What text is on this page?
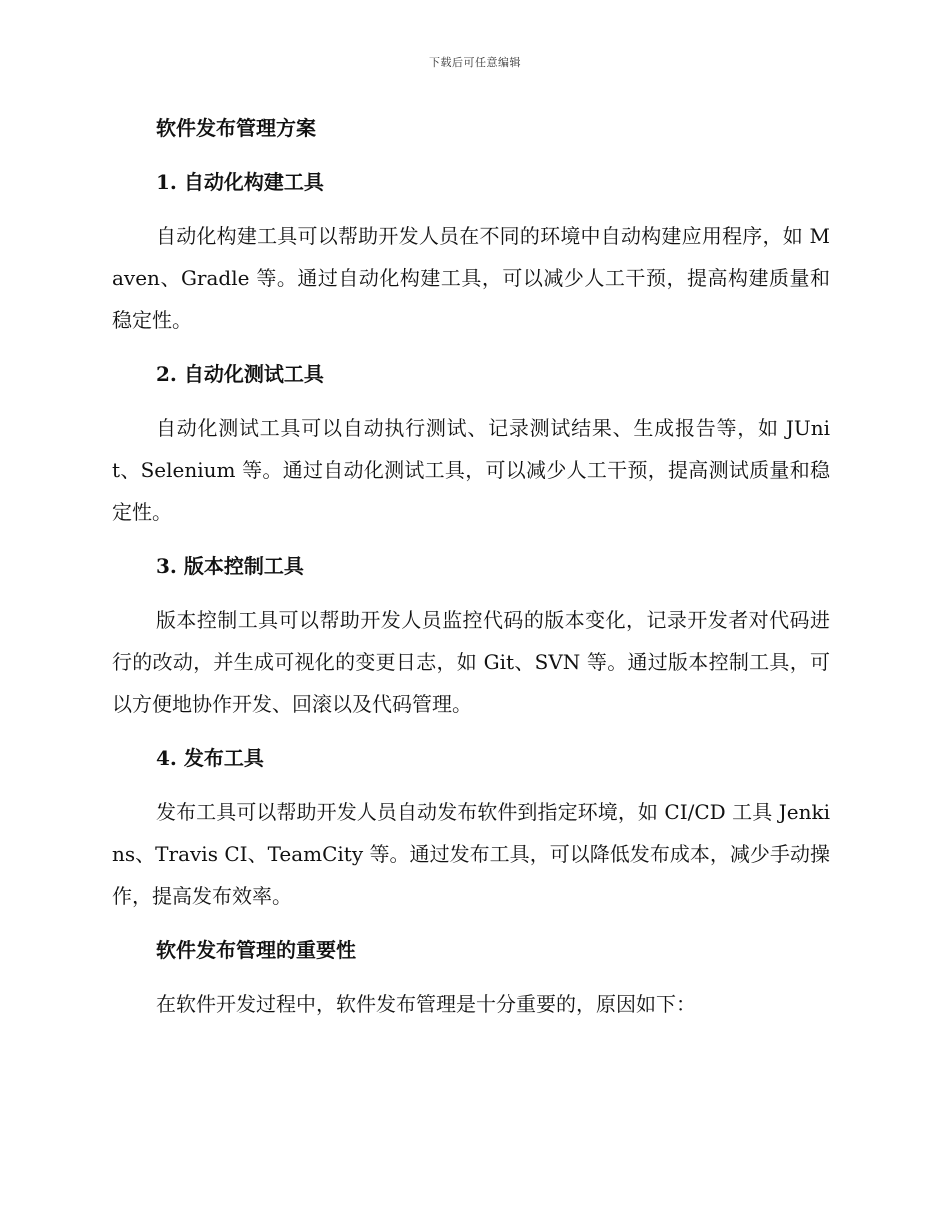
下载后可任意编辑
软件发布管理方案
1. 自动化构建工具

自动化构建工具可以帮助开发人员在不同的环境中自动构建应用程序，如 Maven、Gradle 等。通过自动化构建工具，可以减少人工干预，提高构建质量和稳定性。

2. 自动化测试工具

自动化测试工具可以自动执行测试、记录测试结果、生成报告等，如 JUnit、Selenium 等。通过自动化测试工具，可以减少人工干预，提高测试质量和稳定性。

3. 版本控制工具

版本控制工具可以帮助开发人员监控代码的版本变化，记录开发者对代码进行的改动，并生成可视化的变更日志，如 Git、SVN 等。通过版本控制工具，可以方便地协作开发、回滚以及代码管理。

4. 发布工具

发布工具可以帮助开发人员自动发布软件到指定环境，如 CI/CD 工具 Jenkins、Travis CI、TeamCity 等。通过发布工具，可以降低发布成本，减少手动操作，提高发布效率。

软件发布管理的重要性

在软件开发过程中，软件发布管理是十分重要的，原因如下：
